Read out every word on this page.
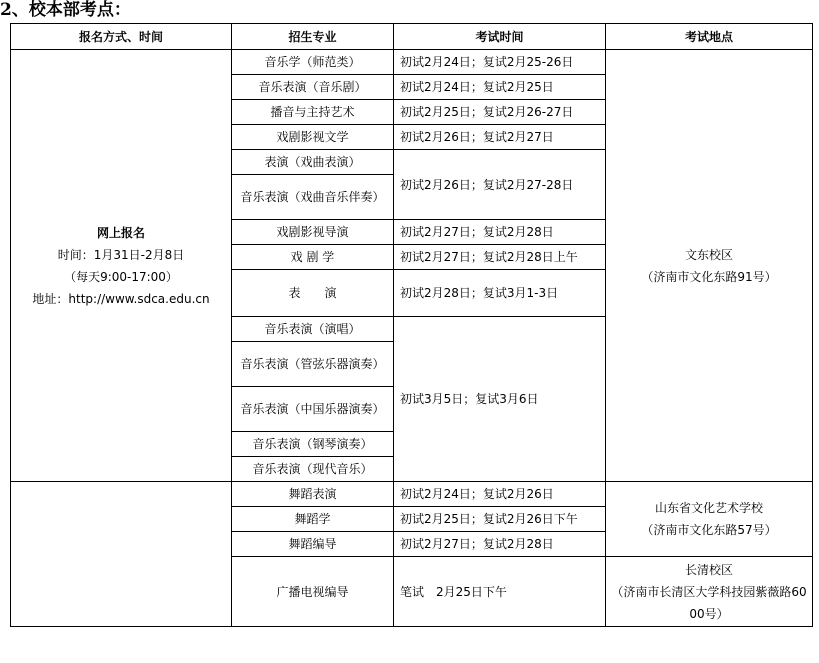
2、校本部考点：
报名方式、时间	招生专业	考试时间	考试地点

网上报名
时间：1月31日-2月8日
（每天9:00-17:00）
地址：http://www.sdca.edu.cn	音乐学（师范类）	初试2月24日；复试2月25-26日	文东校区
（济南市文化东路91号）

	音乐表演（音乐剧）	初试2月24日；复试2月25日	
	播音与主持艺术	初试2月25日；复试2月26-27日	
	戏剧影视文学	初试2月26日；复试2月27日	
	表演（戏曲表演）	初试2月26日；复试2月27-28日	
	音乐表演（戏曲音乐伴奏）		
	戏剧影视导演	初试2月27日；复试2月28日	
	戏 剧 学	初试2月27日；复试2月28日上午	
	表　　演	初试2月28日；复试3月1-3日	
	音乐表演（演唱）	初试3月5日；复试3月6日	
	音乐表演（管弦乐器演奏）		
	音乐表演（中国乐器演奏）		
	音乐表演（钢琴演奏）		
	音乐表演（现代音乐）		
	舞蹈表演	初试2月24日；复试2月26日	山东省文化艺术学校
（济南市文化东路57号）

	舞蹈学	初试2月25日；复试2月26日下午	
	舞蹈编导	初试2月27日；复试2月28日	
	广播电视编导	笔试　2月25日下午	长清校区
（济南市长清区大学科技园紫薇路6000号）
